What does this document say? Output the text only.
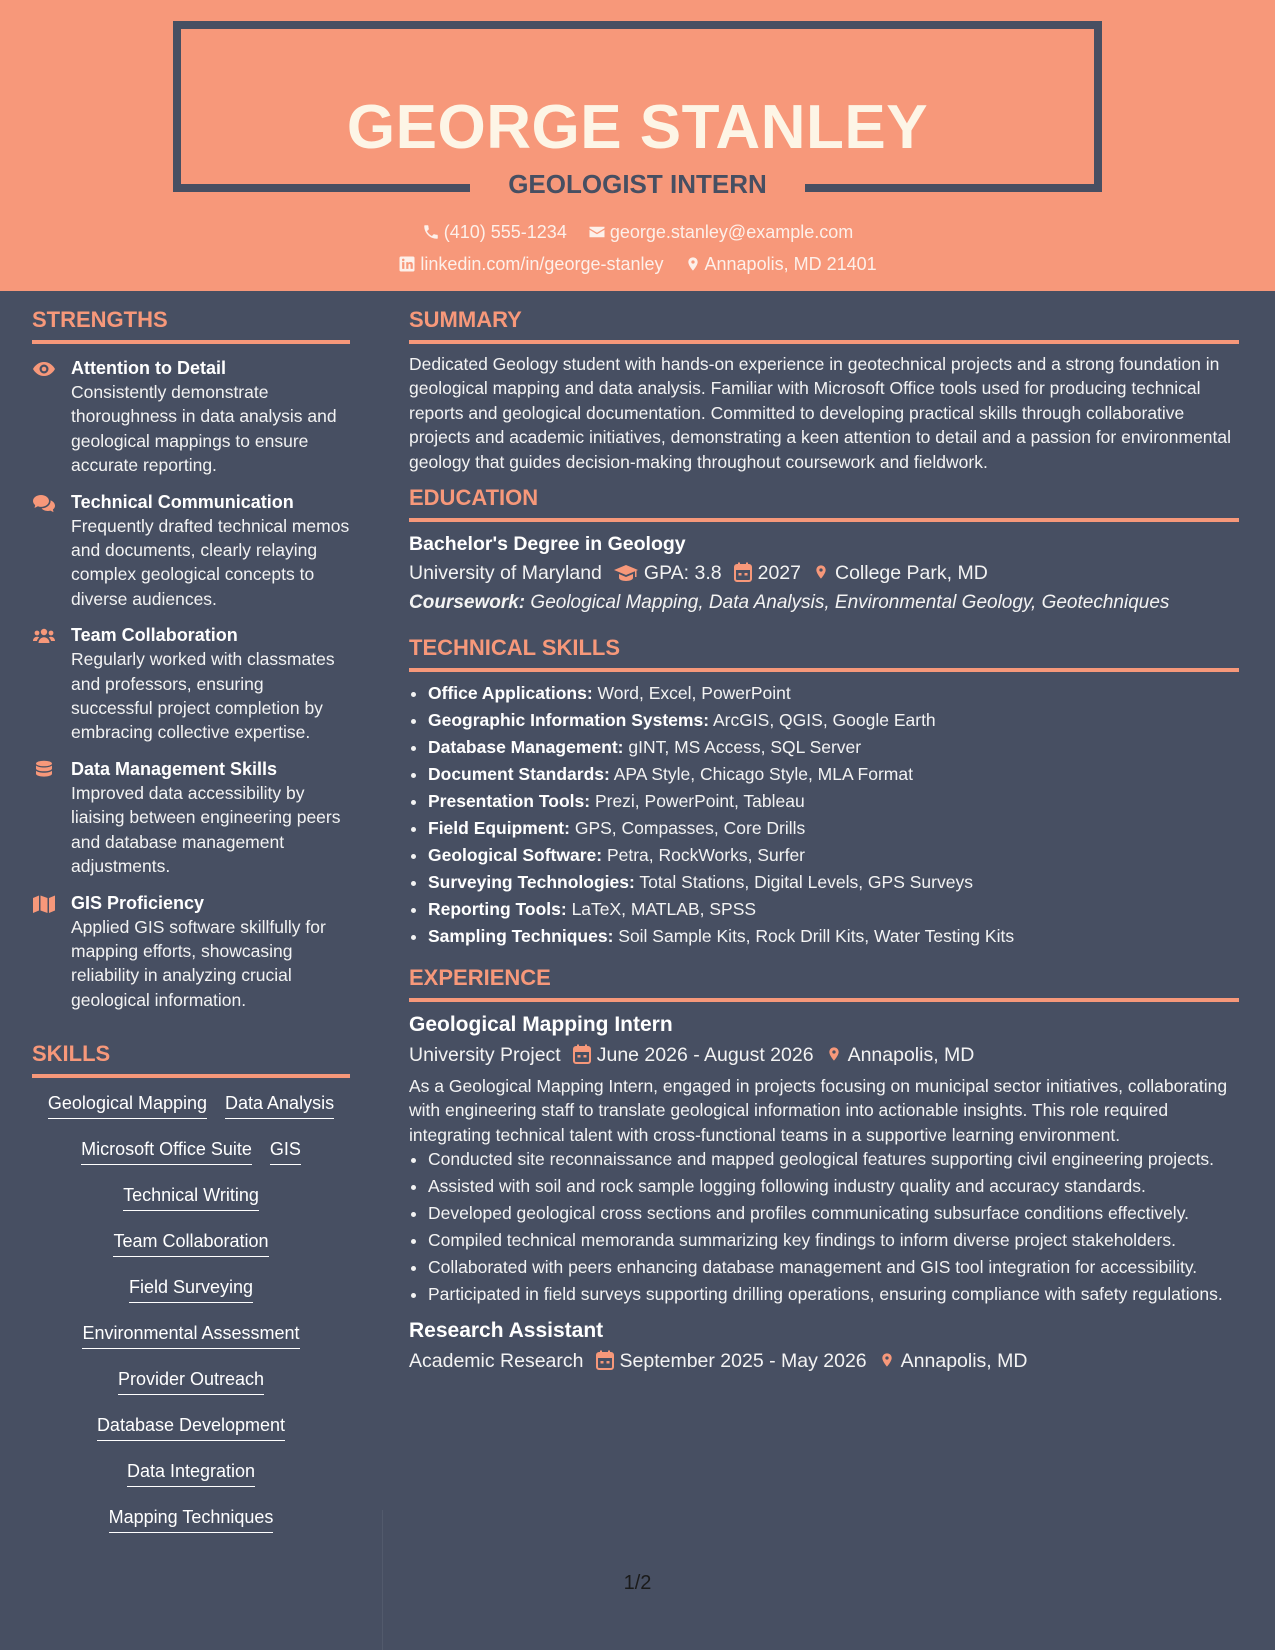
GEORGE STANLEY
GEOLOGIST INTERN
(410) 555-1234 george.stanley@example.com
linkedin.com/in/george-stanley Annapolis, MD 21401
STRENGTHS
Attention to Detail
Consistently demonstrate thoroughness in data analysis and geological mappings to ensure accurate reporting.
Technical Communication
Frequently drafted technical memos and documents, clearly relaying complex geological concepts to diverse audiences.
Team Collaboration
Regularly worked with classmates and professors, ensuring successful project completion by embracing collective expertise.
Data Management Skills
Improved data accessibility by liaising between engineering peers and database management adjustments.
GIS Proficiency
Applied GIS software skillfully for mapping efforts, showcasing reliability in analyzing crucial geological information.
SKILLS
Geological Mapping Data Analysis
Microsoft Office Suite GIS
Technical Writing
Team Collaboration
Field Surveying
Environmental Assessment
Provider Outreach
Database Development
Data Integration
Mapping Techniques
SUMMARY
Dedicated Geology student with hands-on experience in geotechnical projects and a strong foundation in geological mapping and data analysis. Familiar with Microsoft Office tools used for producing technical reports and geological documentation. Committed to developing practical skills through collaborative projects and academic initiatives, demonstrating a keen attention to detail and a passion for environmental geology that guides decision-making throughout coursework and fieldwork.
EDUCATION
Bachelor's Degree in Geology
University of Maryland GPA: 3.8 2027 College Park, MD
Coursework: Geological Mapping, Data Analysis, Environmental Geology, Geotechniques
TECHNICAL SKILLS
• Office Applications: Word, Excel, PowerPoint
• Geographic Information Systems: ArcGIS, QGIS, Google Earth
• Database Management: gINT, MS Access, SQL Server
• Document Standards: APA Style, Chicago Style, MLA Format
• Presentation Tools: Prezi, PowerPoint, Tableau
• Field Equipment: GPS, Compasses, Core Drills
• Geological Software: Petra, RockWorks, Surfer
• Surveying Technologies: Total Stations, Digital Levels, GPS Surveys
• Reporting Tools: LaTeX, MATLAB, SPSS
• Sampling Techniques: Soil Sample Kits, Rock Drill Kits, Water Testing Kits
EXPERIENCE
Geological Mapping Intern
University Project June 2026 - August 2026 Annapolis, MD
As a Geological Mapping Intern, engaged in projects focusing on municipal sector initiatives, collaborating with engineering staff to translate geological information into actionable insights. This role required integrating technical talent with cross-functional teams in a supportive learning environment.
• Conducted site reconnaissance and mapped geological features supporting civil engineering projects.
• Assisted with soil and rock sample logging following industry quality and accuracy standards.
• Developed geological cross sections and profiles communicating subsurface conditions effectively.
• Compiled technical memoranda summarizing key findings to inform diverse project stakeholders.
• Collaborated with peers enhancing database management and GIS tool integration for accessibility.
• Participated in field surveys supporting drilling operations, ensuring compliance with safety regulations.
Research Assistant
Academic Research September 2025 - May 2026 Annapolis, MD
1/2
